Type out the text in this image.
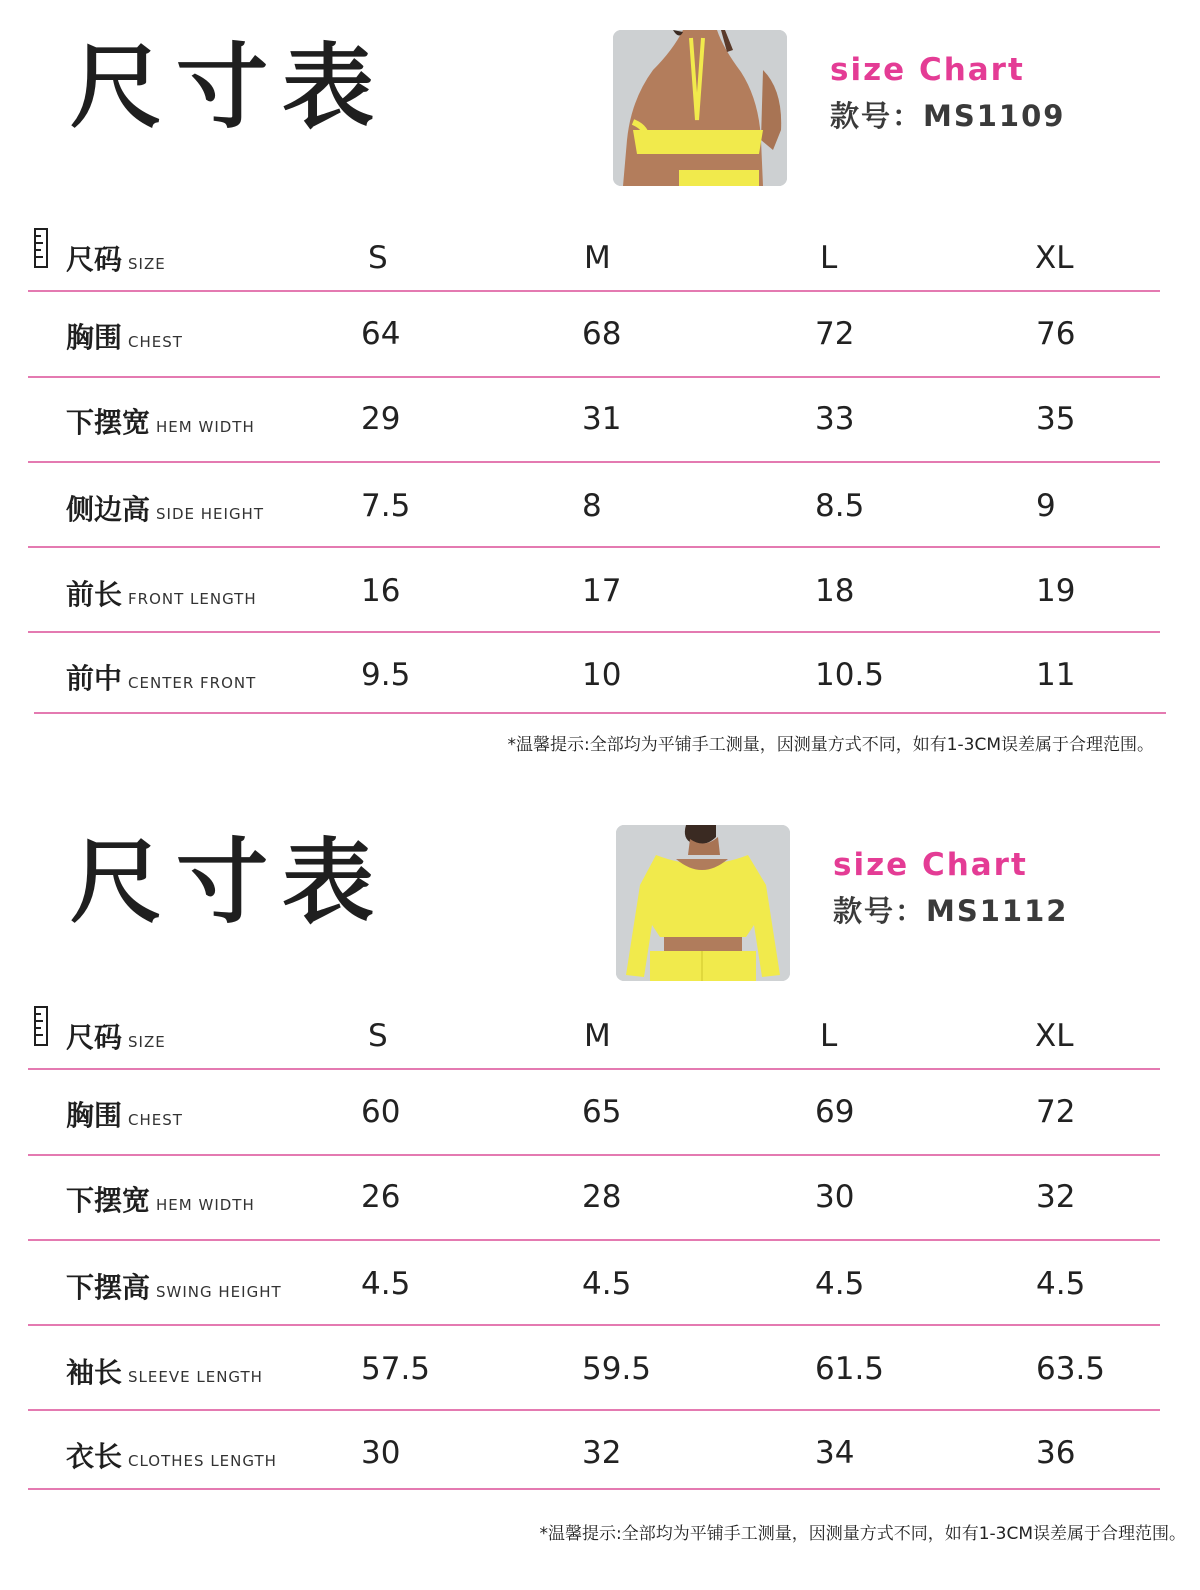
尺寸表	size Chart
款号：MS1109
尺码 SIZE	S	M	L	XL
胸围 CHEST	64	68	72	76
下摆宽 HEM WIDTH	29	31	33	35
侧边高 SIDE HEIGHT	7.5	8	8.5	9
前长 FRONT LENGTH	16	17	18	19
前中 CENTER FRONT	9.5	10	10.5	11
*温馨提示:全部均为平铺手工测量，因测量方式不同，如有1-3CM误差属于合理范围。
尺寸表	size Chart
款号：MS1112
尺码 SIZE	S	M	L	XL
胸围 CHEST	60	65	69	72
下摆宽 HEM WIDTH	26	28	30	32
下摆高 SWING HEIGHT	4.5	4.5	4.5	4.5
袖长 SLEEVE LENGTH	57.5	59.5	61.5	63.5
衣长 CLOTHES LENGTH	30	32	34	36
*温馨提示:全部均为平铺手工测量，因测量方式不同，如有1-3CM误差属于合理范围。
